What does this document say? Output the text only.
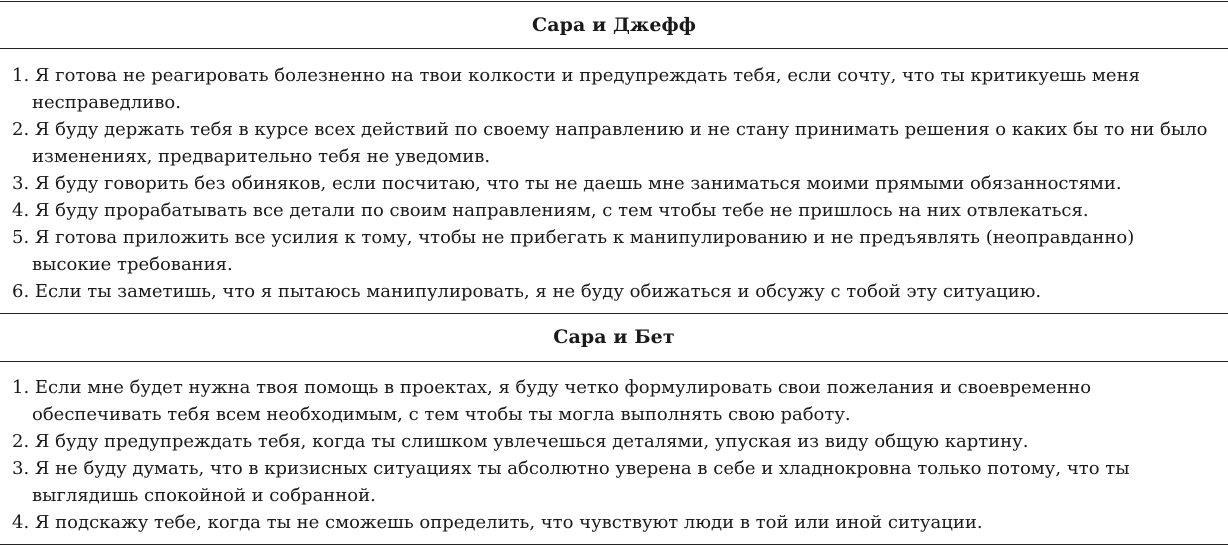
Сара и Джефф
1. Я готова не реагировать болезненно на твои колкости и предупреждать тебя, если сочту, что ты критикуешь меня
несправедливо.
2. Я буду держать тебя в курсе всех действий по своему направлению и не стану принимать решения о каких бы то ни было
изменениях, предварительно тебя не уведомив.
3. Я буду говорить без обиняков, если посчитаю, что ты не даешь мне заниматься моими прямыми обязанностями.
4. Я буду прорабатывать все детали по своим направлениям, с тем чтобы тебе не пришлось на них отвлекаться.
5. Я готова приложить все усилия к тому, чтобы не прибегать к манипулированию и не предъявлять (неоправданно)
высокие требования.
6. Если ты заметишь, что я пытаюсь манипулировать, я не буду обижаться и обсужу с тобой эту ситуацию.
Сара и Бет
1. Если мне будет нужна твоя помощь в проектах, я буду четко формулировать свои пожелания и своевременно
обеспечивать тебя всем необходимым, с тем чтобы ты могла выполнять свою работу.
2. Я буду предупреждать тебя, когда ты слишком увлечешься деталями, упуская из виду общую картину.
3. Я не буду думать, что в кризисных ситуациях ты абсолютно уверена в себе и хладнокровна только потому, что ты
выглядишь спокойной и собранной.
4. Я подскажу тебе, когда ты не сможешь определить, что чувствуют люди в той или иной ситуации.
